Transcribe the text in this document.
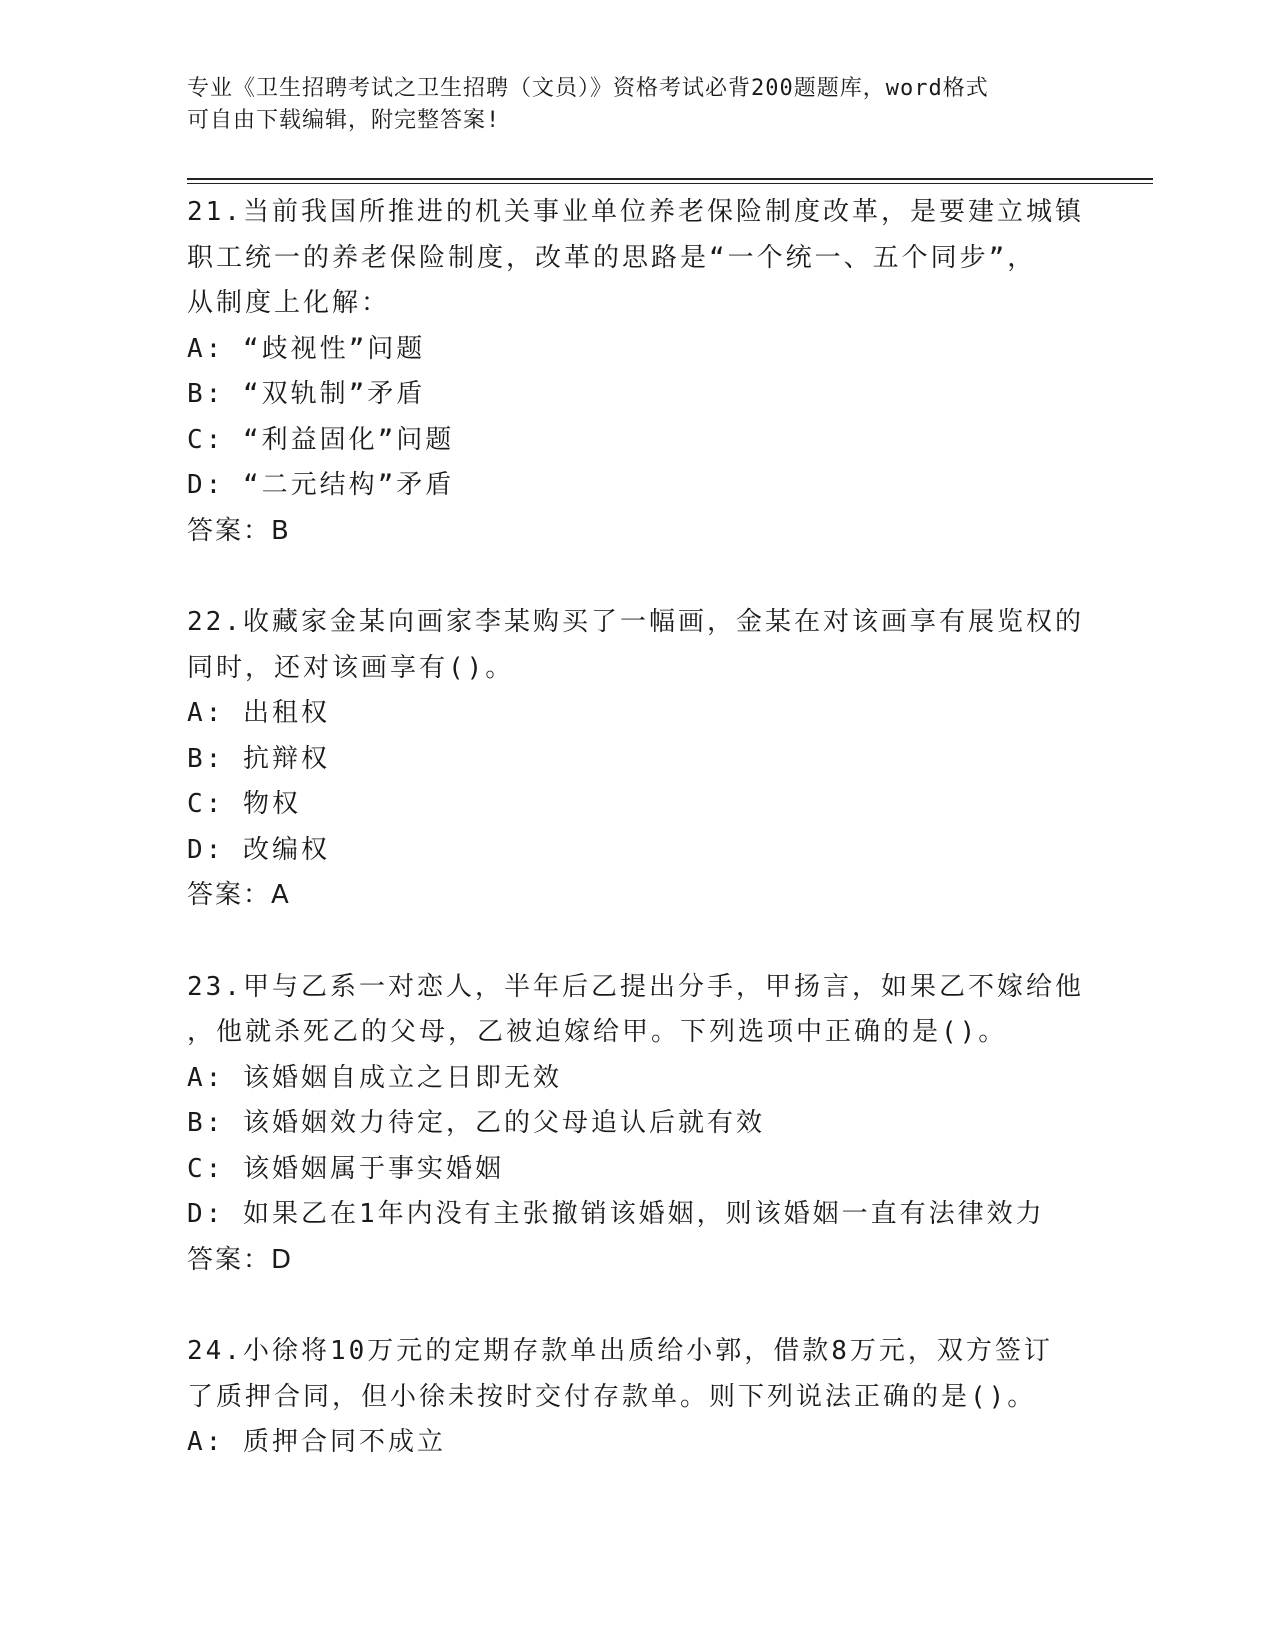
专业《卫生招聘考试之卫生招聘（文员）》资格考试必背200题题库，word格式
可自由下载编辑，附完整答案!
21.当前我国所推进的机关事业单位养老保险制度改革，是要建立城镇
职工统一的养老保险制度，改革的思路是“一个统一、五个同步”，
从制度上化解：
A: “歧视性”问题
B: “双轨制”矛盾
C: “利益固化”问题
D: “二元结构”矛盾
答案：B
22.收藏家金某向画家李某购买了一幅画，金某在对该画享有展览权的
同时，还对该画享有()。
A: 出租权
B: 抗辩权
C: 物权
D: 改编权
答案：A
23.甲与乙系一对恋人，半年后乙提出分手，甲扬言，如果乙不嫁给他
，他就杀死乙的父母，乙被迫嫁给甲。下列选项中正确的是()。
A: 该婚姻自成立之日即无效
B: 该婚姻效力待定，乙的父母追认后就有效
C: 该婚姻属于事实婚姻
D: 如果乙在1年内没有主张撤销该婚姻，则该婚姻一直有法律效力
答案：D
24.小徐将10万元的定期存款单出质给小郭，借款8万元，双方签订
了质押合同，但小徐未按时交付存款单。则下列说法正确的是()。
A: 质押合同不成立
